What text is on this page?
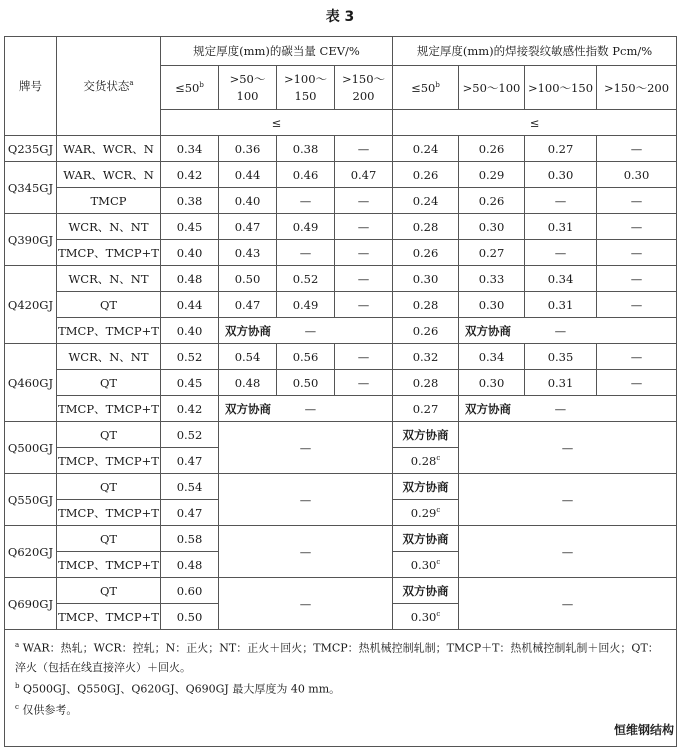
表 3
牌号	交货状态$^a$	规定厚度(mm)的碳当量 CEV/%				规定厚度(mm)的焊接裂纹敏感性指数 Pcm/%			
		$\le 50^b$	>50～100	>100～150	>150～200	$\le 50^b$	>50～100	>100～150	>150～200
		≤				≤			
Q235GJ	WAR、WCR、N	0.34	0.36	0.38	—	0.24	0.26	0.27	—
Q345GJ	WAR、WCR、N	0.42	0.44	0.46	0.47	0.26	0.29	0.30	0.30
	TMCP	0.38	0.40	—	—	0.24	0.26	—	—
Q390GJ	WCR、N、NT	0.45	0.47	0.49	—	0.28	0.30	0.31	—
	TMCP、TMCP+T	0.40	0.43	—	—	0.26	0.27	—	—
Q420GJ	WCR、N、NT	0.48	0.50	0.52	—	0.30	0.33	0.34	—
	QT	0.44	0.47	0.49	—	0.28	0.30	0.31	—
	TMCP、TMCP+T	0.40	双方协商 —			0.26	双方协商 —		
Q460GJ	WCR、N、NT	0.52	0.54	0.56	—	0.32	0.34	0.35	—
	QT	0.45	0.48	0.50	—	0.28	0.30	0.31	—
	TMCP、TMCP+T	0.42	双方协商 —			0.27	双方协商 —		
Q500GJ	QT	0.52	—			双方协商	—		
	TMCP、TMCP+T	0.47				0.28$^c$
Q550GJ	QT	0.54	—			双方协商	—		
	TMCP、TMCP+T	0.47				0.29$^c$
Q620GJ	QT	0.58	—			双方协商	—		
	TMCP、TMCP+T	0.48				0.30$^c$
Q690GJ	QT	0.60	—			双方协商	—		
	TMCP、TMCP+T	0.50				0.30$^c$

$^a$ WAR：热轧；WCR：控轧；N：正火；NT：正火＋回火；TMCP：热机械控制轧制；TMCP＋T：热机械控制轧制＋回火；QT：淬火（包括在线直接淬火）＋回火。
$^b$ Q500GJ、Q550GJ、Q620GJ、Q690GJ 最大厚度为 40 mm。
$^c$ 仅供参考。									
恒维钢结构
